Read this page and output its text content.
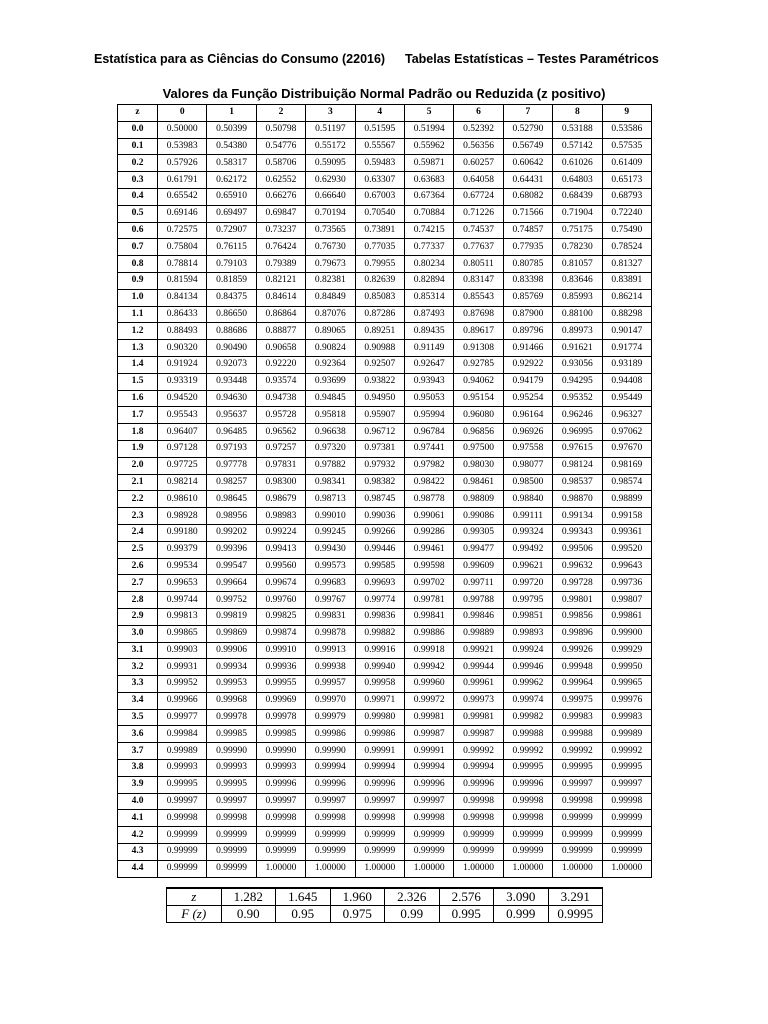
Estatística para as Ciências do Consumo (22016) Tabelas Estatísticas – Testes Paramétricos
Valores da Função Distribuição Normal Padrão ou Reduzida (z positivo)
z	0	1	2	3	4	5	6	7	8	9
0.0	0.50000	0.50399	0.50798	0.51197	0.51595	0.51994	0.52392	0.52790	0.53188	0.53586
0.1	0.53983	0.54380	0.54776	0.55172	0.55567	0.55962	0.56356	0.56749	0.57142	0.57535
0.2	0.57926	0.58317	0.58706	0.59095	0.59483	0.59871	0.60257	0.60642	0.61026	0.61409
0.3	0.61791	0.62172	0.62552	0.62930	0.63307	0.63683	0.64058	0.64431	0.64803	0.65173
0.4	0.65542	0.65910	0.66276	0.66640	0.67003	0.67364	0.67724	0.68082	0.68439	0.68793
0.5	0.69146	0.69497	0.69847	0.70194	0.70540	0.70884	0.71226	0.71566	0.71904	0.72240
0.6	0.72575	0.72907	0.73237	0.73565	0.73891	0.74215	0.74537	0.74857	0.75175	0.75490
0.7	0.75804	0.76115	0.76424	0.76730	0.77035	0.77337	0.77637	0.77935	0.78230	0.78524
0.8	0.78814	0.79103	0.79389	0.79673	0.79955	0.80234	0.80511	0.80785	0.81057	0.81327
0.9	0.81594	0.81859	0.82121	0.82381	0.82639	0.82894	0.83147	0.83398	0.83646	0.83891
1.0	0.84134	0.84375	0.84614	0.84849	0.85083	0.85314	0.85543	0.85769	0.85993	0.86214
1.1	0.86433	0.86650	0.86864	0.87076	0.87286	0.87493	0.87698	0.87900	0.88100	0.88298
1.2	0.88493	0.88686	0.88877	0.89065	0.89251	0.89435	0.89617	0.89796	0.89973	0.90147
1.3	0.90320	0.90490	0.90658	0.90824	0.90988	0.91149	0.91308	0.91466	0.91621	0.91774
1.4	0.91924	0.92073	0.92220	0.92364	0.92507	0.92647	0.92785	0.92922	0.93056	0.93189
1.5	0.93319	0.93448	0.93574	0.93699	0.93822	0.93943	0.94062	0.94179	0.94295	0.94408
1.6	0.94520	0.94630	0.94738	0.94845	0.94950	0.95053	0.95154	0.95254	0.95352	0.95449
1.7	0.95543	0.95637	0.95728	0.95818	0.95907	0.95994	0.96080	0.96164	0.96246	0.96327
1.8	0.96407	0.96485	0.96562	0.96638	0.96712	0.96784	0.96856	0.96926	0.96995	0.97062
1.9	0.97128	0.97193	0.97257	0.97320	0.97381	0.97441	0.97500	0.97558	0.97615	0.97670
2.0	0.97725	0.97778	0.97831	0.97882	0.97932	0.97982	0.98030	0.98077	0.98124	0.98169
2.1	0.98214	0.98257	0.98300	0.98341	0.98382	0.98422	0.98461	0.98500	0.98537	0.98574
2.2	0.98610	0.98645	0.98679	0.98713	0.98745	0.98778	0.98809	0.98840	0.98870	0.98899
2.3	0.98928	0.98956	0.98983	0.99010	0.99036	0.99061	0.99086	0.99111	0.99134	0.99158
2.4	0.99180	0.99202	0.99224	0.99245	0.99266	0.99286	0.99305	0.99324	0.99343	0.99361
2.5	0.99379	0.99396	0.99413	0.99430	0.99446	0.99461	0.99477	0.99492	0.99506	0.99520
2.6	0.99534	0.99547	0.99560	0.99573	0.99585	0.99598	0.99609	0.99621	0.99632	0.99643
2.7	0.99653	0.99664	0.99674	0.99683	0.99693	0.99702	0.99711	0.99720	0.99728	0.99736
2.8	0.99744	0.99752	0.99760	0.99767	0.99774	0.99781	0.99788	0.99795	0.99801	0.99807
2.9	0.99813	0.99819	0.99825	0.99831	0.99836	0.99841	0.99846	0.99851	0.99856	0.99861
3.0	0.99865	0.99869	0.99874	0.99878	0.99882	0.99886	0.99889	0.99893	0.99896	0.99900
3.1	0.99903	0.99906	0.99910	0.99913	0.99916	0.99918	0.99921	0.99924	0.99926	0.99929
3.2	0.99931	0.99934	0.99936	0.99938	0.99940	0.99942	0.99944	0.99946	0.99948	0.99950
3.3	0.99952	0.99953	0.99955	0.99957	0.99958	0.99960	0.99961	0.99962	0.99964	0.99965
3.4	0.99966	0.99968	0.99969	0.99970	0.99971	0.99972	0.99973	0.99974	0.99975	0.99976
3.5	0.99977	0.99978	0.99978	0.99979	0.99980	0.99981	0.99981	0.99982	0.99983	0.99983
3.6	0.99984	0.99985	0.99985	0.99986	0.99986	0.99987	0.99987	0.99988	0.99988	0.99989
3.7	0.99989	0.99990	0.99990	0.99990	0.99991	0.99991	0.99992	0.99992	0.99992	0.99992
3.8	0.99993	0.99993	0.99993	0.99994	0.99994	0.99994	0.99994	0.99995	0.99995	0.99995
3.9	0.99995	0.99995	0.99996	0.99996	0.99996	0.99996	0.99996	0.99996	0.99997	0.99997
4.0	0.99997	0.99997	0.99997	0.99997	0.99997	0.99997	0.99998	0.99998	0.99998	0.99998
4.1	0.99998	0.99998	0.99998	0.99998	0.99998	0.99998	0.99998	0.99998	0.99999	0.99999
4.2	0.99999	0.99999	0.99999	0.99999	0.99999	0.99999	0.99999	0.99999	0.99999	0.99999
4.3	0.99999	0.99999	0.99999	0.99999	0.99999	0.99999	0.99999	0.99999	0.99999	0.99999
4.4	0.99999	0.99999	1.00000	1.00000	1.00000	1.00000	1.00000	1.00000	1.00000	1.00000
z	1.282	1.645	1.960	2.326	2.576	3.090	3.291
F (z)	0.90	0.95	0.975	0.99	0.995	0.999	0.9995
